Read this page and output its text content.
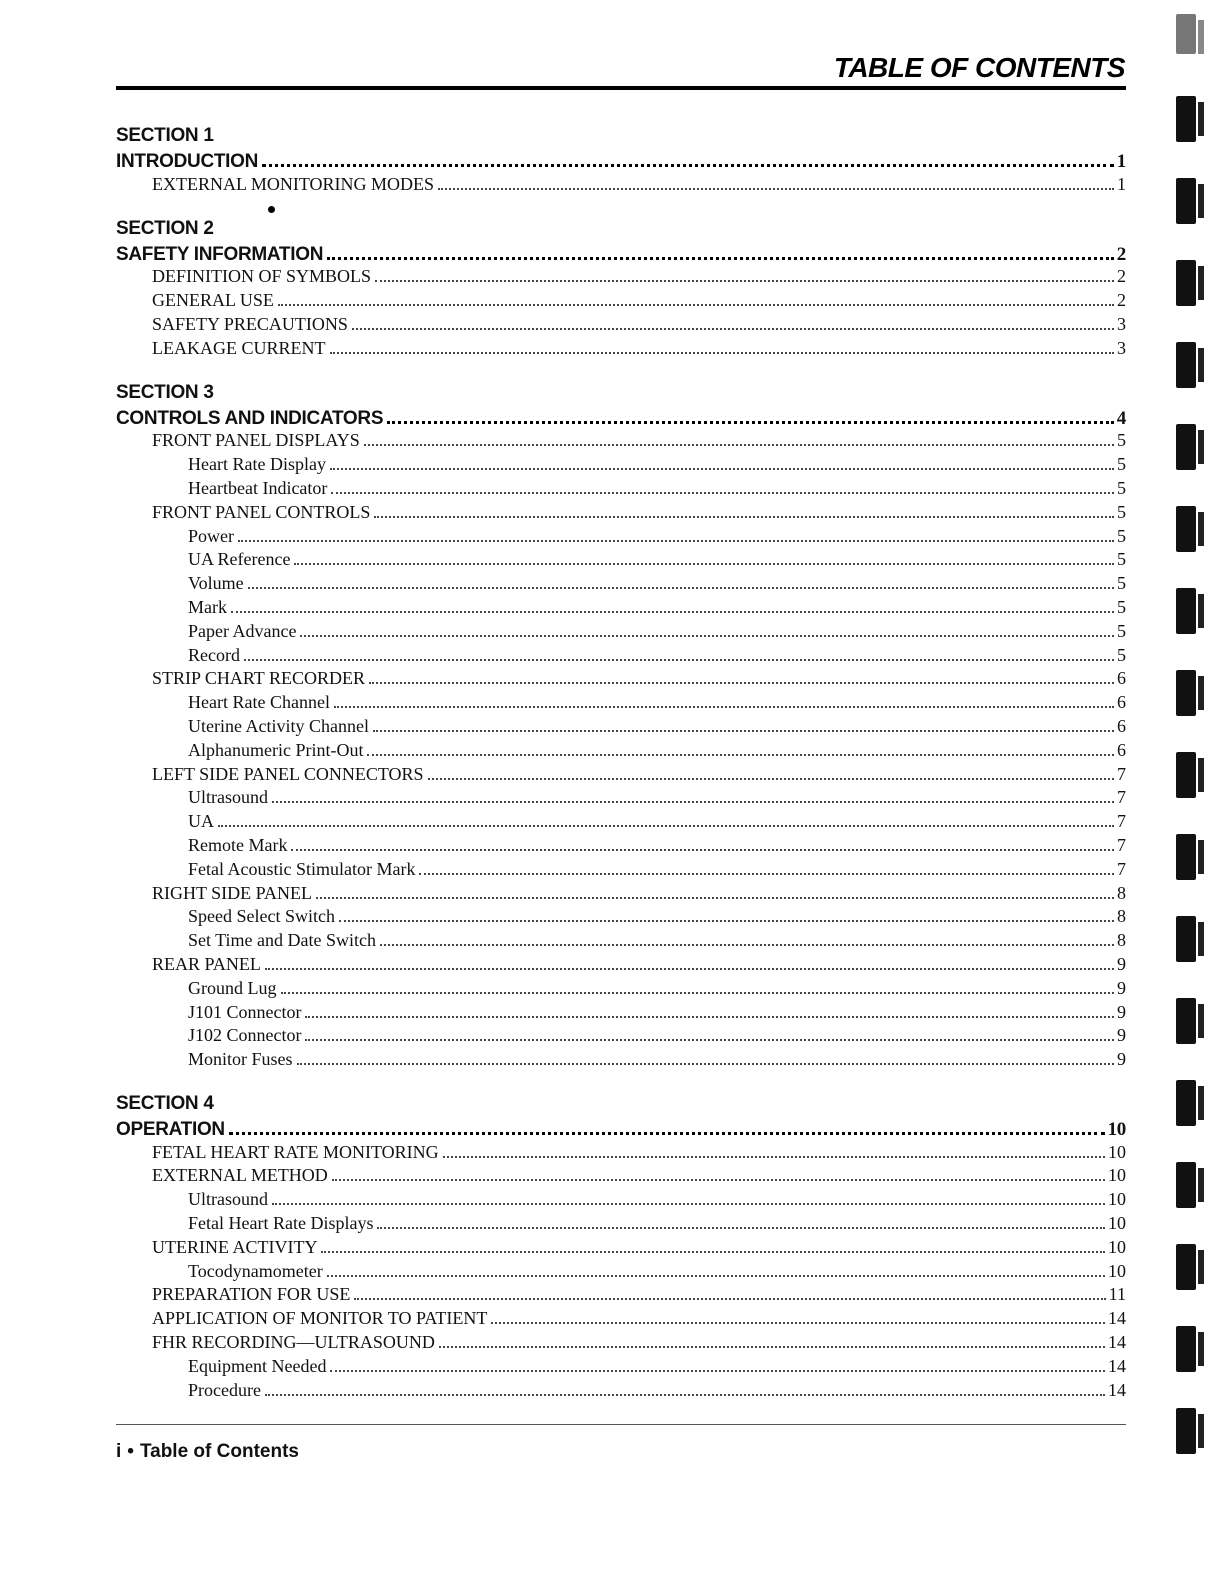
TABLE OF CONTENTS
SECTION 1
INTRODUCTION	1
EXTERNAL MONITORING MODES	1
SECTION 2
SAFETY INFORMATION	2
DEFINITION OF SYMBOLS	2
GENERAL USE	2
SAFETY PRECAUTIONS	3
LEAKAGE CURRENT	3
SECTION 3
CONTROLS AND INDICATORS	4
FRONT PANEL DISPLAYS	5
Heart Rate Display	5
Heartbeat Indicator	5
FRONT PANEL CONTROLS	5
Power	5
UA Reference	5
Volume	5
Mark	5
Paper Advance	5
Record	5
STRIP CHART RECORDER	6
Heart Rate Channel	6
Uterine Activity Channel	6
Alphanumeric Print-Out	6
LEFT SIDE PANEL CONNECTORS	7
Ultrasound	7
UA	7
Remote Mark	7
Fetal Acoustic Stimulator Mark	7
RIGHT SIDE PANEL	8
Speed Select Switch	8
Set Time and Date Switch	8
REAR PANEL	9
Ground Lug	9
J101 Connector	9
J102 Connector	9
Monitor Fuses	9
SECTION 4
OPERATION	10
FETAL HEART RATE MONITORING	10
EXTERNAL METHOD	10
Ultrasound	10
Fetal Heart Rate Displays	10
UTERINE ACTIVITY	10
Tocodynamometer	10
PREPARATION FOR USE	11
APPLICATION OF MONITOR TO PATIENT	14
FHR RECORDING—ULTRASOUND	14
Equipment Needed	14
Procedure	14
i • Table of Contents
